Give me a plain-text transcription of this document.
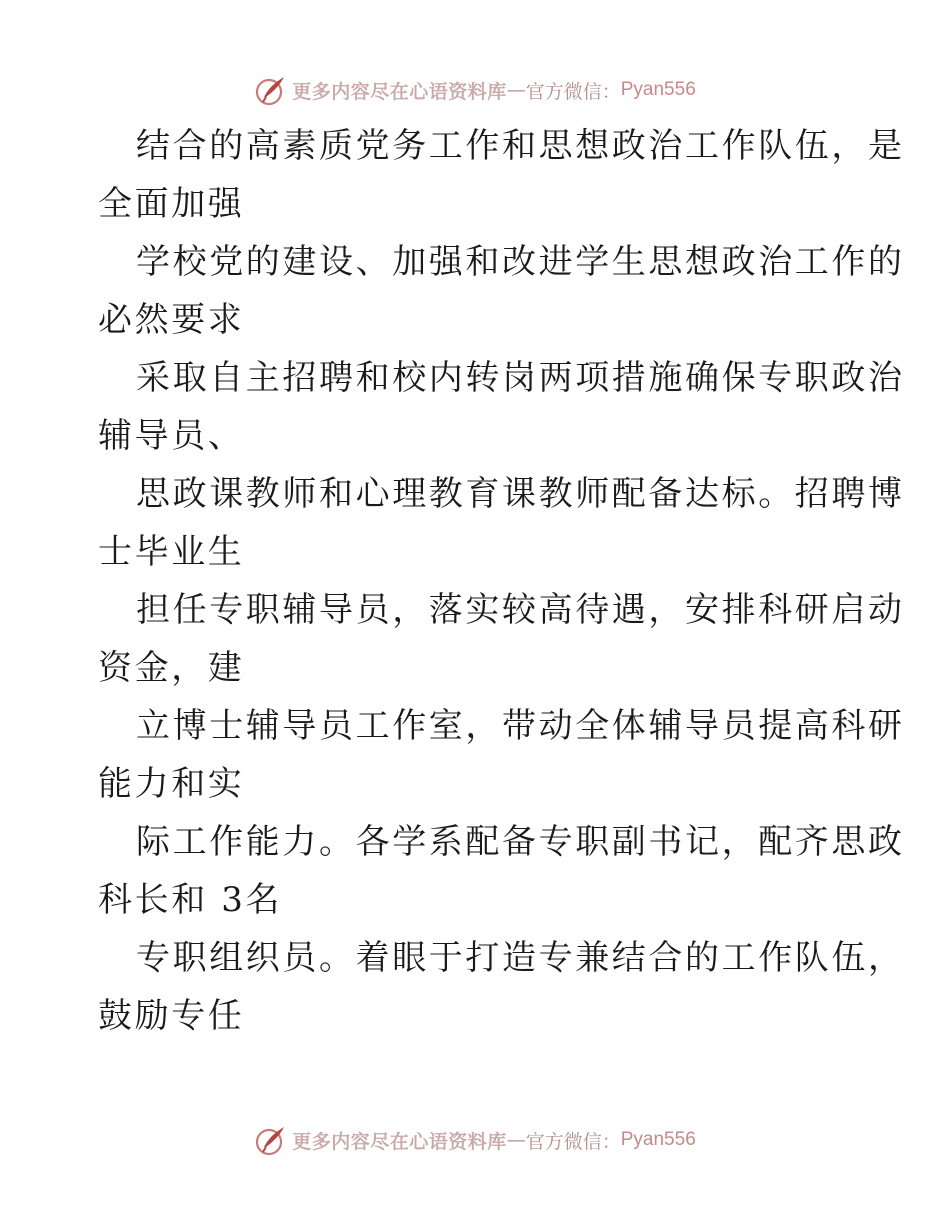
更多内容尽在心语资料库 — 官方微信： Pyan556

结合的高素质党务工作和思想政治工作队伍，是
全面加强

学校党的建设、加强和改进学生思想政治工作的
必然要求

采取自主招聘和校内转岗两项措施确保专职政治
辅导员、

思政课教师和心理教育课教师配备达标。招聘博
士毕业生

担任专职辅导员，落实较高待遇，安排科研启动
资金，建

立博士辅导员工作室，带动全体辅导员提高科研
能力和实

际工作能力。各学系配备专职副书记，配齐思政
科长和 3名

专职组织员。着眼于打造专兼结合的工作队伍，
鼓励专任

更多内容尽在心语资料库 — 官方微信： Pyan556
